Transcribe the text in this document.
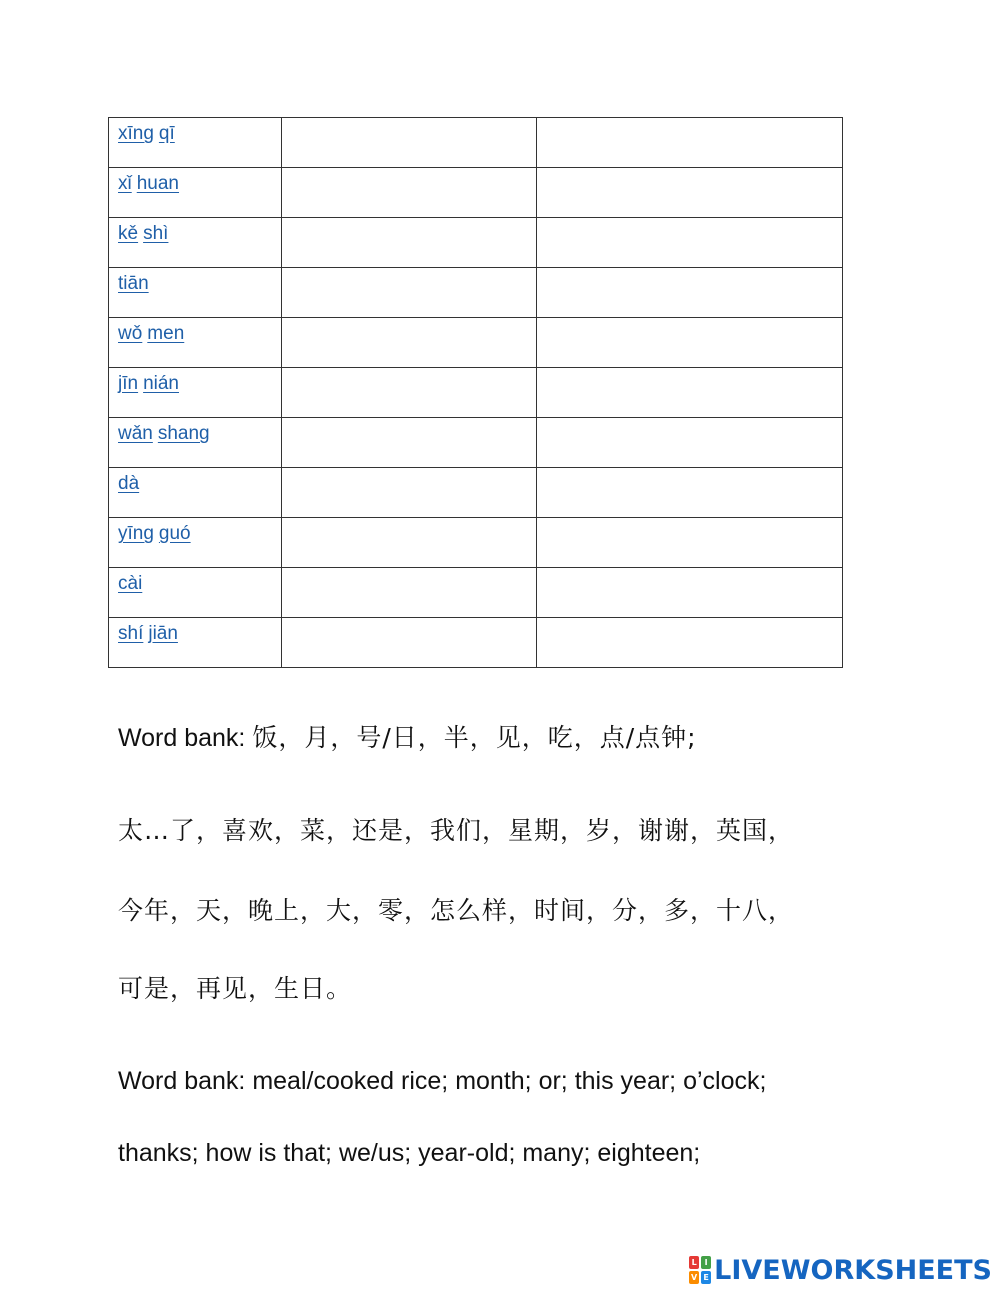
xīng qī		

xǐ huan		

kě shì		

tiān		

wǒ men		

jīn nián		

wǎn shang		

dà		

yīng guó		

cài		

shí jiān		

Word bank: 饭，月，号/日，半，见，吃，点/点钟;
太…了，喜欢，菜，还是，我们，星期，岁，谢谢，英国，
今年，天，晚上，大，零，怎么样，时间，分，多，十八，
可是，再见，生日。
Word bank: meal/cooked rice; month; or; this year; o’clock;
thanks; how is that; we/us; year-old; many; eighteen;
L I
V E LIVEWORKSHEETS
